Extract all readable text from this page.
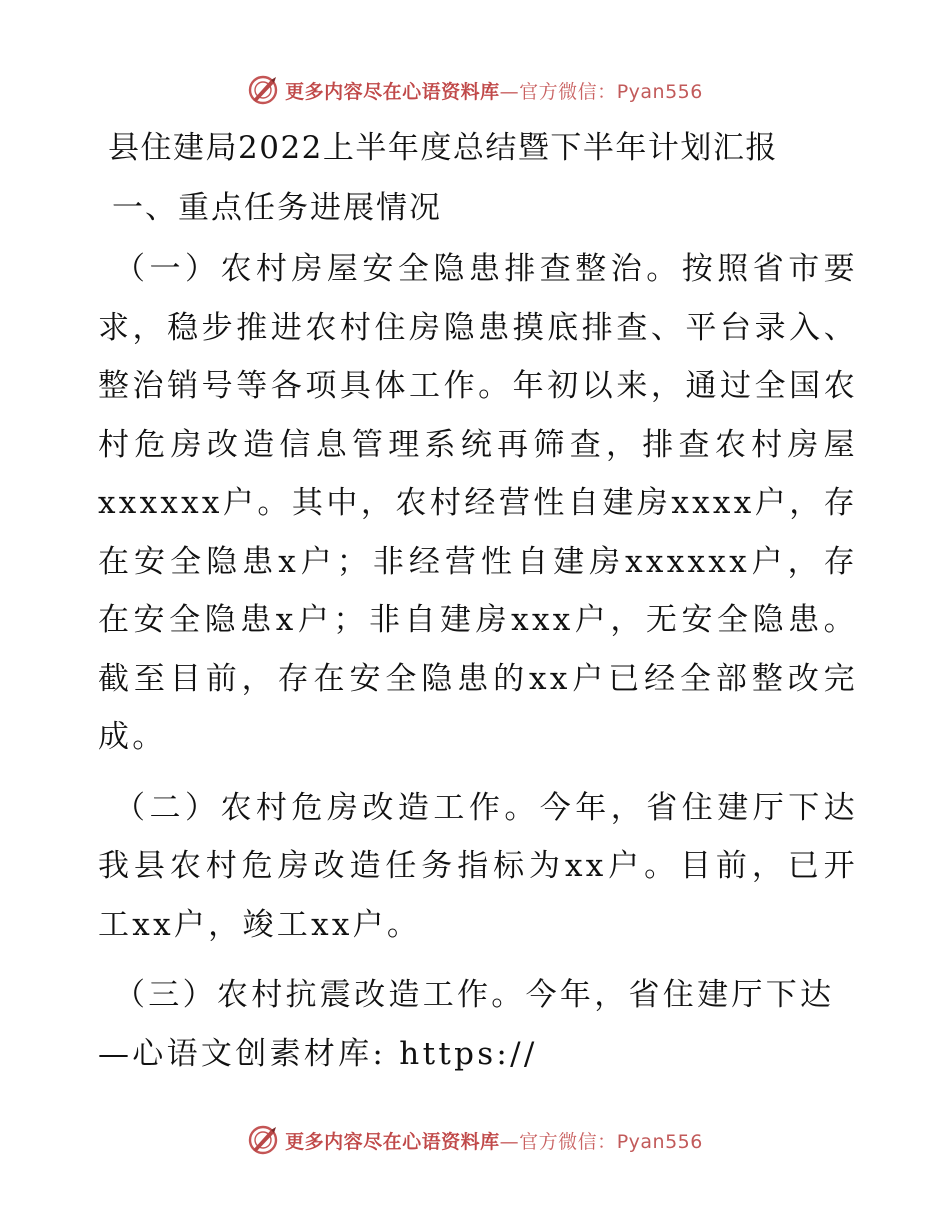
更多内容尽在心语资料库—官方微信：Pyan556
县住建局2022上半年度总结暨下半年计划汇报
一、重点任务进展情况

（一）农村房屋安全隐患排查整治。按照省市要求，稳步推进农村住房隐患摸底排查、平台录入、整治销号等各项具体工作。年初以来，通过全国农村危房改造信息管理系统再筛查，排查农村房屋xxxxxx户。其中，农村经营性自建房xxxx户，存在安全隐患x户；非经营性自建房xxxxxx户，存在安全隐患x户；非自建房xxx户，无安全隐患。截至目前，存在安全隐患的xx户已经全部整改完成。

（二）农村危房改造工作。今年，省住建厅下达我县农村危房改造任务指标为xx户。目前，已开工xx户，竣工xx户。

（三）农村抗震改造工作。今年，省住建厅下达

—心语文创素材库: https://

更多内容尽在心语资料库—官方微信：Pyan556
